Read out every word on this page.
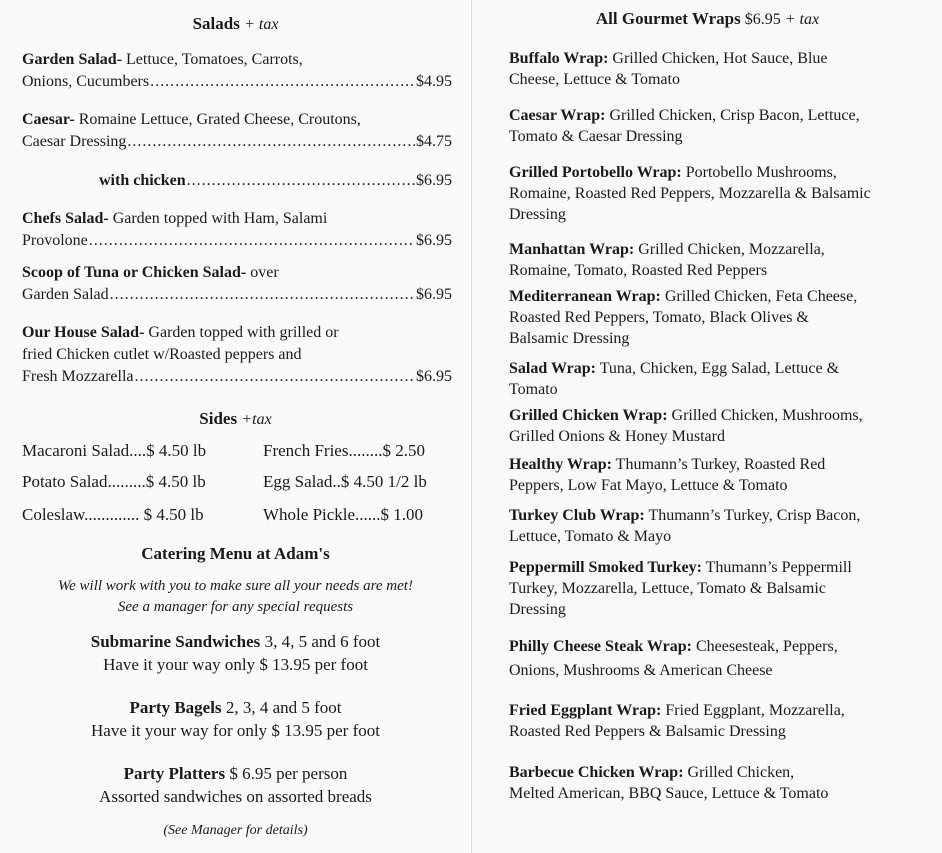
Salads + tax
Garden Salad- Lettuce, Tomatoes, Carrots,
Onions, Cucumbers .....	$4.95
Caesar- Romaine Lettuce, Grated Cheese, Croutons,
Caesar Dressing .....	$4.75
with chicken .....	$6.95
Chefs Salad- Garden topped with Ham, Salami
Provolone .....	$6.95
Scoop of Tuna or Chicken Salad- over
Garden Salad .....	$6.95
Our House Salad- Garden topped with grilled or
fried Chicken cutlet w/Roasted peppers and
Fresh Mozzarella .....	$6.95
Sides +tax
Macaroni Salad....$ 4.50 lb	French Fries........$ 2.50
Potato Salad.........$ 4.50 lb	Egg Salad..$ 4.50 1/2 lb
Coleslaw............. $ 4.50 lb	Whole Pickle......$ 1.00
Catering Menu at Adam's
We will work with you to make sure all your needs are met!
See a manager for any special requests
Submarine Sandwiches 3, 4, 5 and 6 foot
Have it your way only $ 13.95 per foot
Party Bagels 2, 3, 4 and 5 foot
Have it your way for only $ 13.95 per foot
Party Platters $ 6.95 per person
Assorted sandwiches on assorted breads
(See Manager for details)
All Gourmet Wraps $6.95 + tax
Buffalo Wrap: Grilled Chicken, Hot Sauce, Blue
Cheese, Lettuce & Tomato
Caesar Wrap: Grilled Chicken, Crisp Bacon, Lettuce,
Tomato & Caesar Dressing
Grilled Portobello Wrap: Portobello Mushrooms,
Romaine, Roasted Red Peppers, Mozzarella & Balsamic
Dressing
Manhattan Wrap: Grilled Chicken, Mozzarella,
Romaine, Tomato, Roasted Red Peppers
Mediterranean Wrap: Grilled Chicken, Feta Cheese,
Roasted Red Peppers, Tomato, Black Olives &
Balsamic Dressing
Salad Wrap: Tuna, Chicken, Egg Salad, Lettuce &
Tomato
Grilled Chicken Wrap: Grilled Chicken, Mushrooms,
Grilled Onions & Honey Mustard
Healthy Wrap: Thumann’s Turkey, Roasted Red
Peppers, Low Fat Mayo, Lettuce & Tomato
Turkey Club Wrap: Thumann’s Turkey, Crisp Bacon,
Lettuce, Tomato & Mayo
Peppermill Smoked Turkey: Thumann’s Peppermill
Turkey, Mozzarella, Lettuce, Tomato & Balsamic
Dressing
Philly Cheese Steak Wrap: Cheesesteak, Peppers,
Onions, Mushrooms & American Cheese
Fried Eggplant Wrap: Fried Eggplant, Mozzarella,
Roasted Red Peppers & Balsamic Dressing
Barbecue Chicken Wrap: Grilled Chicken,
Melted American, BBQ Sauce, Lettuce & Tomato
